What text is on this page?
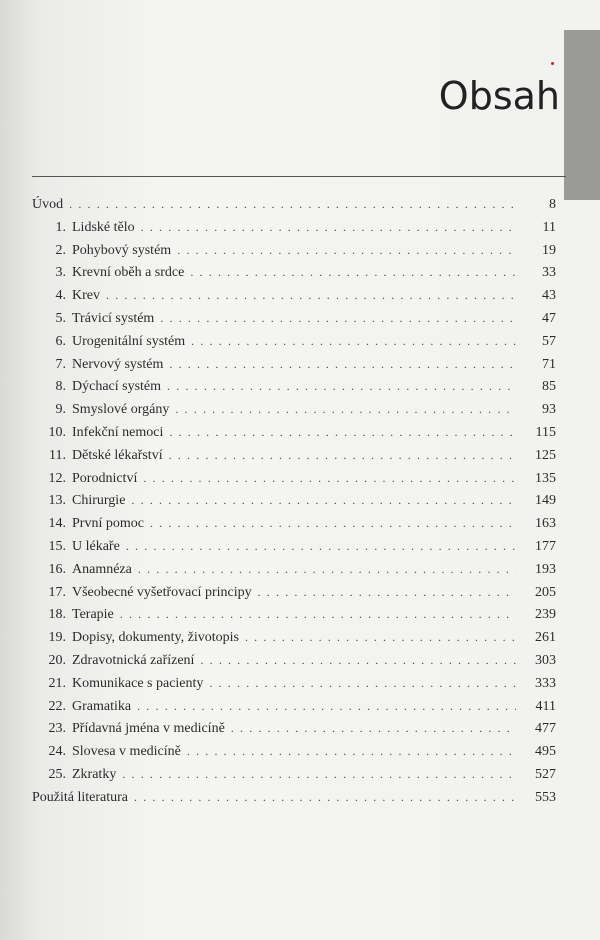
Obsah
Úvod . . .	8
1. Lidské tělo . . .	11
2. Pohybový systém . . .	19
3. Krevní oběh a srdce . . .	33
4. Krev . . .	43
5. Trávicí systém . . .	47
6. Urogenitální systém . . .	57
7. Nervový systém . . .	71
8. Dýchací systém . . .	85
9. Smyslové orgány . . .	93
10. Infekční nemoci . . .	115
11. Dětské lékařství . . .	125
12. Porodnictví . . .	135
13. Chirurgie . . .	149
14. První pomoc . . .	163
15. U lékaře . . .	177
16. Anamnéza . . .	193
17. Všeobecné vyšetřovací principy . . .	205
18. Terapie . . .	239
19. Dopisy, dokumenty, životopis . . .	261
20. Zdravotnická zařízení . . .	303
21. Komunikace s pacienty . . .	333
22. Gramatika . . .	411
23. Přídavná jména v medicíně . . .	477
24. Slovesa v medicíně . . .	495
25. Zkratky . . .	527
Použitá literatura . . .	553
